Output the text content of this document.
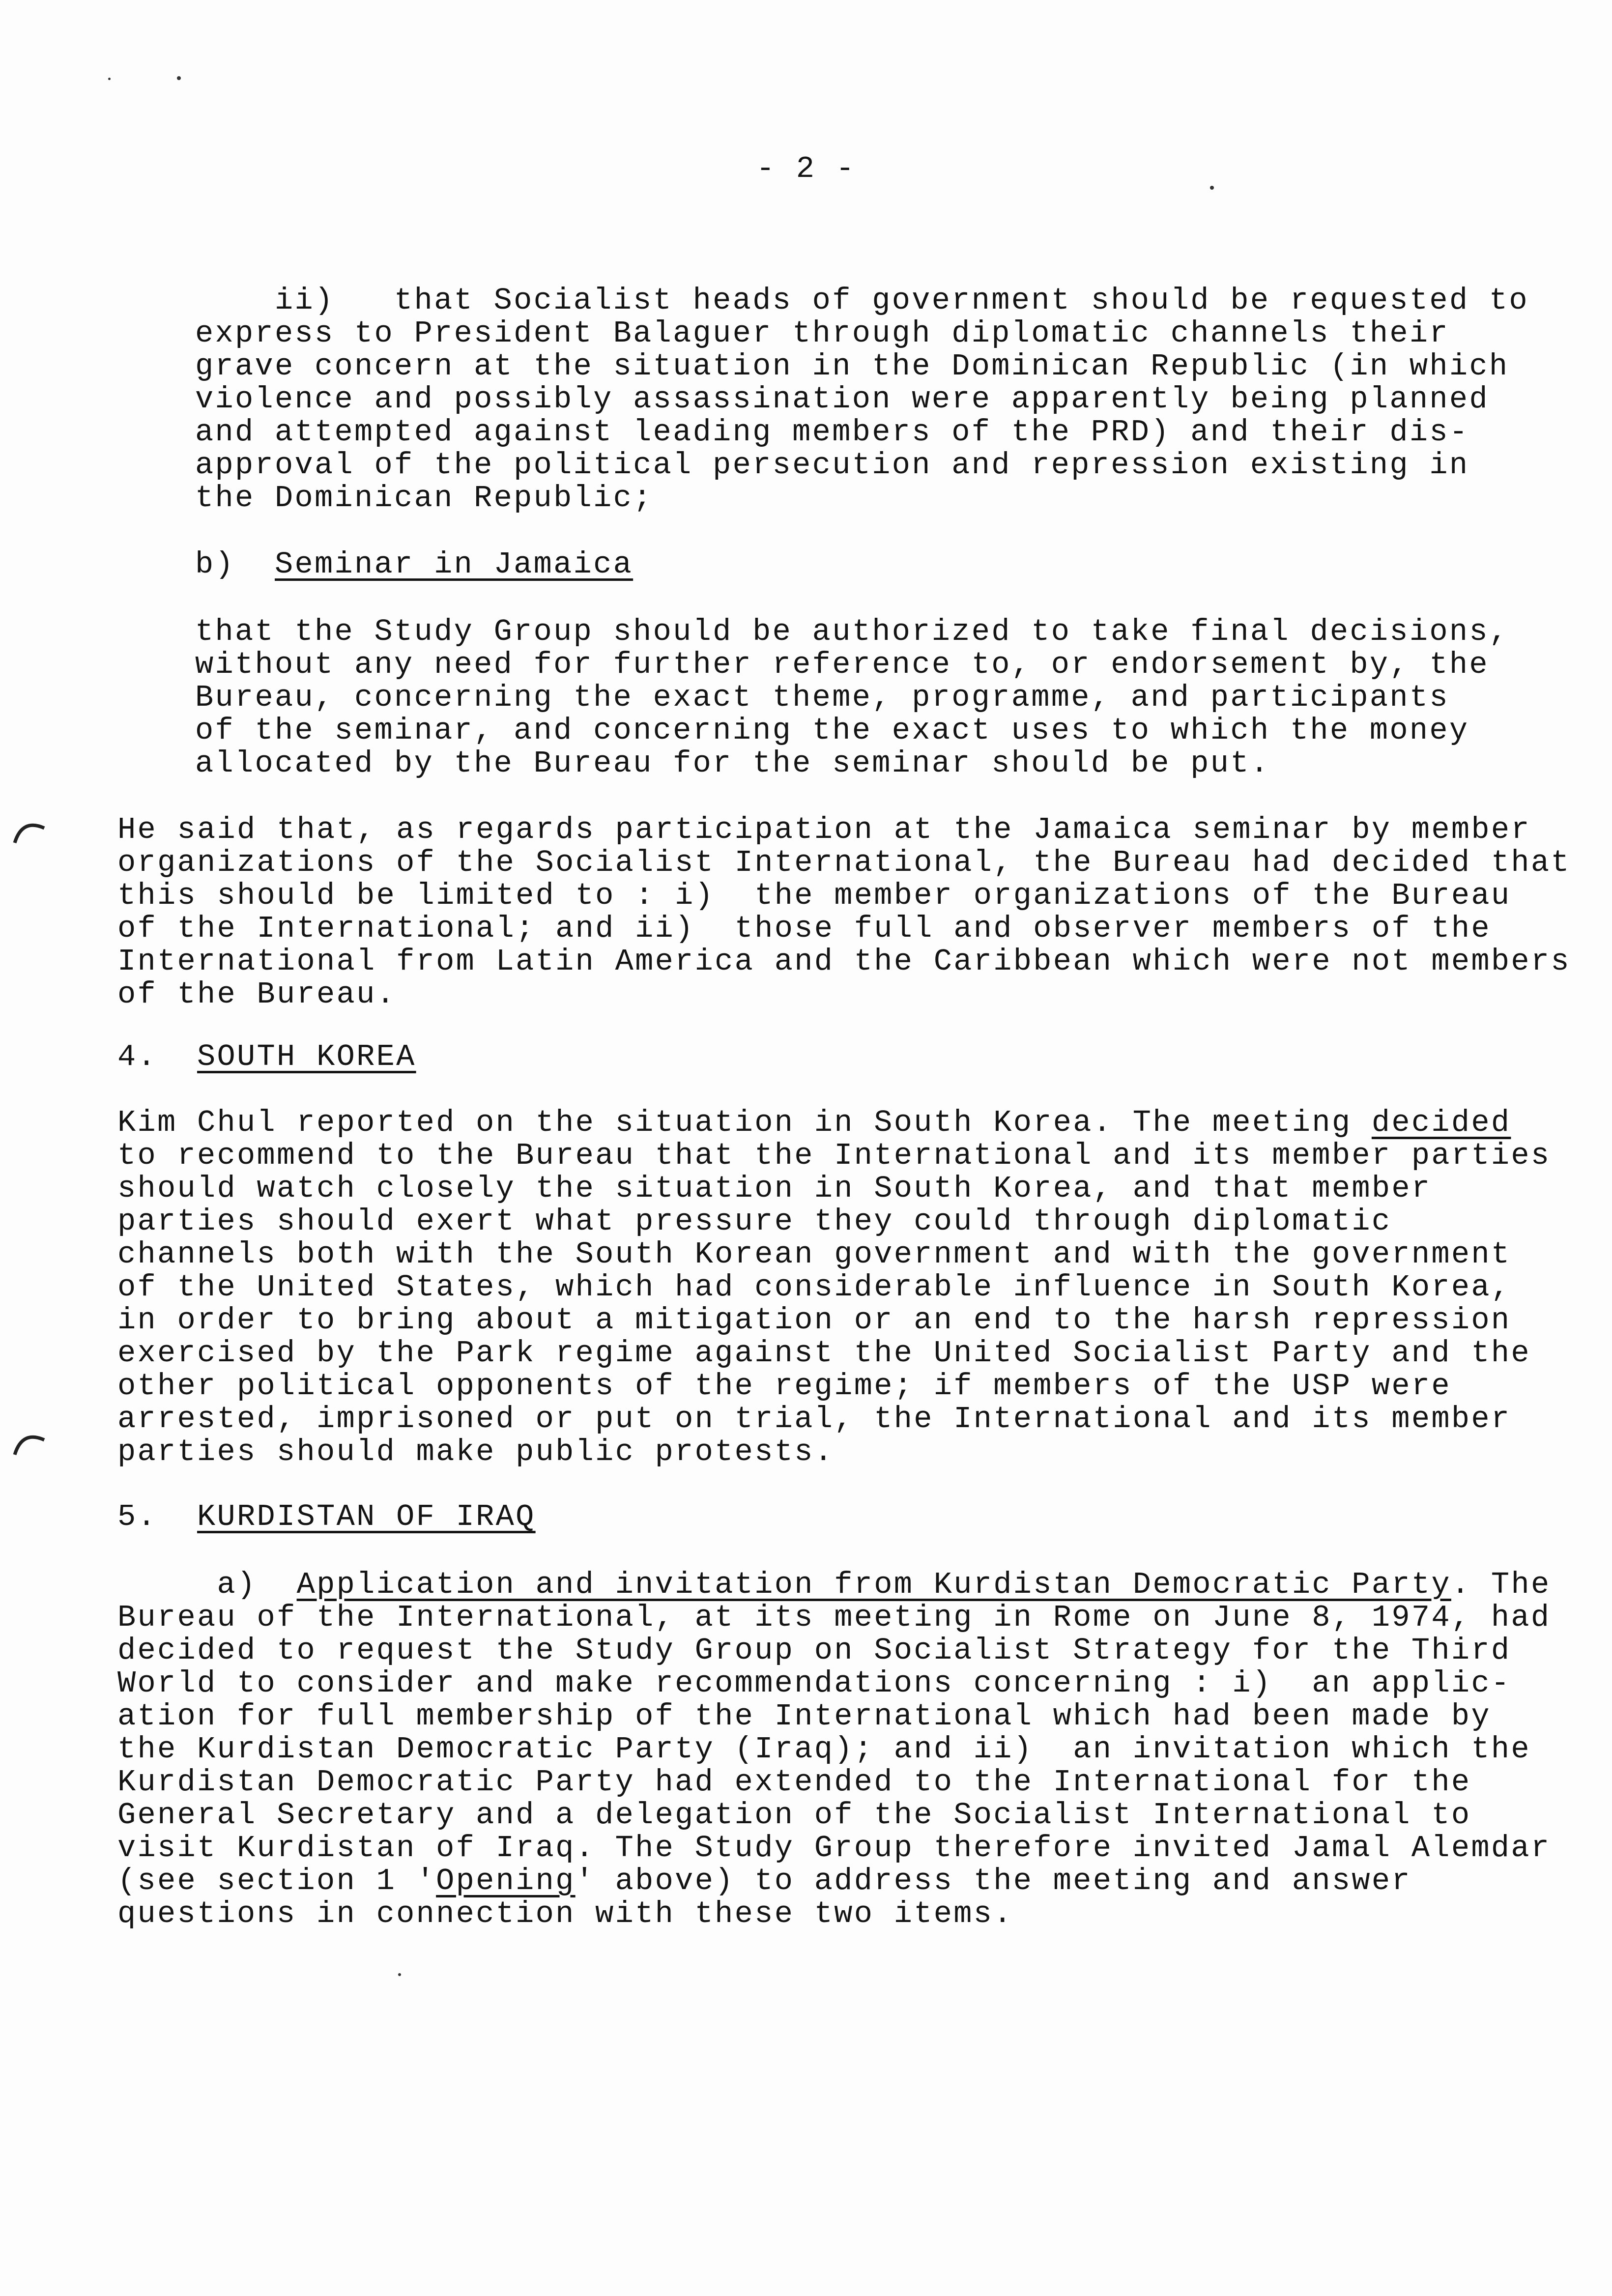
- 2 -
ii)   that Socialist heads of government should be requested to
express to President Balaguer through diplomatic channels their
grave concern at the situation in the Dominican Republic (in which
violence and possibly assassination were apparently being planned
and attempted against leading members of the PRD) and their dis-
approval of the political persecution and repression existing in
the Dominican Republic;
b)  Seminar in Jamaica
that the Study Group should be authorized to take final decisions,
without any need for further reference to, or endorsement by, the
Bureau, concerning the exact theme, programme, and participants
of the seminar, and concerning the exact uses to which the money
allocated by the Bureau for the seminar should be put.
He said that, as regards participation at the Jamaica seminar by member
organizations of the Socialist International, the Bureau had decided that
this should be limited to : i)  the member organizations of the Bureau
of the International; and ii)  those full and observer members of the
International from Latin America and the Caribbean which were not members
of the Bureau.
4.  SOUTH KOREA
Kim Chul reported on the situation in South Korea. The meeting decided
to recommend to the Bureau that the International and its member parties
should watch closely the situation in South Korea, and that member
parties should exert what pressure they could through diplomatic
channels both with the South Korean government and with the government
of the United States, which had considerable influence in South Korea,
in order to bring about a mitigation or an end to the harsh repression
exercised by the Park regime against the United Socialist Party and the
other political opponents of the regime; if members of the USP were
arrested, imprisoned or put on trial, the International and its member
parties should make public protests.
5.  KURDISTAN OF IRAQ
a)  Application and invitation from Kurdistan Democratic Party. The
Bureau of the International, at its meeting in Rome on June 8, 1974, had
decided to request the Study Group on Socialist Strategy for the Third
World to consider and make recommendations concerning : i)  an applic-
ation for full membership of the International which had been made by
the Kurdistan Democratic Party (Iraq); and ii)  an invitation which the
Kurdistan Democratic Party had extended to the International for the
General Secretary and a delegation of the Socialist International to
visit Kurdistan of Iraq. The Study Group therefore invited Jamal Alemdar
(see section 1 'Opening' above) to address the meeting and answer
questions in connection with these two items.
